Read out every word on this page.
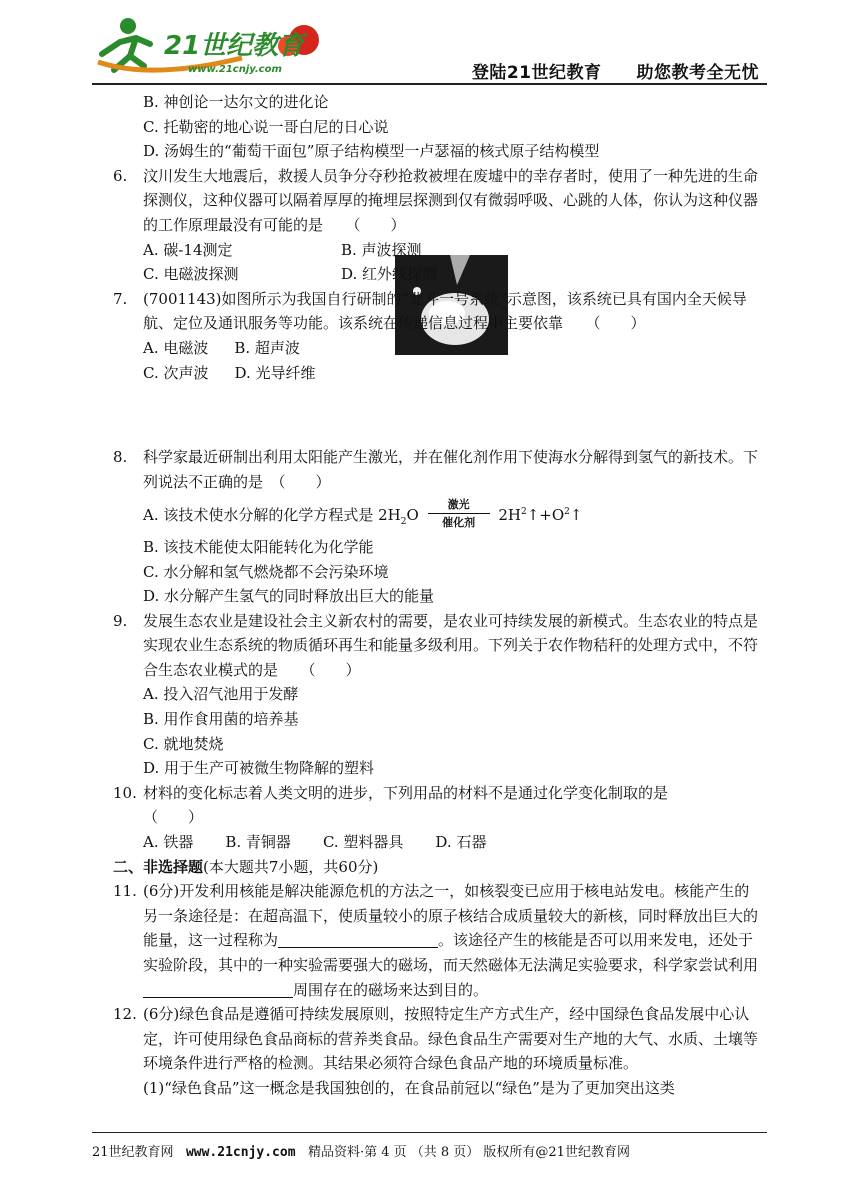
21世纪教育
www.21cnjy.com	登陆21世纪教育　　助您教考全无忧
B. 神创论一达尔文的进化论
C. 托勒密的地心说一哥白尼的日心说
D. 汤姆生的“葡萄干面包”原子结构模型一卢瑟福的核式原子结构模型
6.	汶川发生大地震后，救援人员争分夺秒抢救被埋在废墟中的幸存者时，使用了一种先进的生命探测仪，这种仪器可以隔着厚厚的掩埋层探测到仅有微弱呼吸、心跳的人体，你认为这种仪器的工作原理最没有可能的是　　（　　）
A. 碳-14测定	B. 声波探测
C. 电磁波探测	D. 红外线探测
7.	(7001143)如图所示为我国自行研制的“北斗一号系统”示意图，该系统已具有国内全天候导航、定位及通讯服务等功能。该系统在传递信息过程中主要依靠　　（　　）
A. 电磁波 B. 超声波
C. 次声波 D. 光导纤维
8.	科学家最近研制出利用太阳能产生激光，并在催化剂作用下使海水分解得到氢气的新技术。下列说法不正确的是　（　　）
A. 该技术使水分解的化学方程式是 $2H_2O$
激光
催化剂	$2H^2↑+O^2↑$
B. 该技术能使太阳能转化为化学能
C. 水分解和氢气燃烧都不会污染环境
D. 水分解产生氢气的同时释放出巨大的能量
9.	发展生态农业是建设社会主义新农村的需要，是农业可持续发展的新模式。生态农业的特点是实现农业生态系统的物质循环再生和能量多级利用。下列关于农作物秸秆的处理方式中，不符合生态农业模式的是　　（　　）
A. 投入沼气池用于发酵
B. 用作食用菌的培养基
C. 就地焚烧
D. 用于生产可被微生物降解的塑料
10. 材料的变化标志着人类文明的进步，下列用品的材料不是通过化学变化制取的是
（　　）
A. 铁器 B. 青铜器 C. 塑料器具 D. 石器
二、非选择题(本大题共7小题，共60分)
11. (6分)开发利用核能是解决能源危机的方法之一，如核裂变已应用于核电站发电。核能产生的另一条途径是：在超高温下，使质量较小的原子核结合成质量较大的新核，同时释放出巨大的能量，这一过程称为	。该途径产生的核能是否可以用来发电，还处于实验阶段，其中的一种实验需要强大的磁场，而天然磁体无法满足实验要求，科学家尝试利用周围存在的磁场来达到目的。
12. (6分)绿色食品是遵循可持续发展原则，按照特定生产方式生产，经中国绿色食品发展中心认定，许可使用绿色食品商标的营养类食品。绿色食品生产需要对生产地的大气、水质、土壤等环境条件进行严格的检测。其结果必须符合绿色食品产地的环境质量标准。
(1)“绿色食品”这一概念是我国独创的，在食品前冠以“绿色”是为了更加突出这类
21世纪教育网 www.21cnjy.com 精品资料·第 4 页 （共 8 页） 版权所有@21世纪教育网
